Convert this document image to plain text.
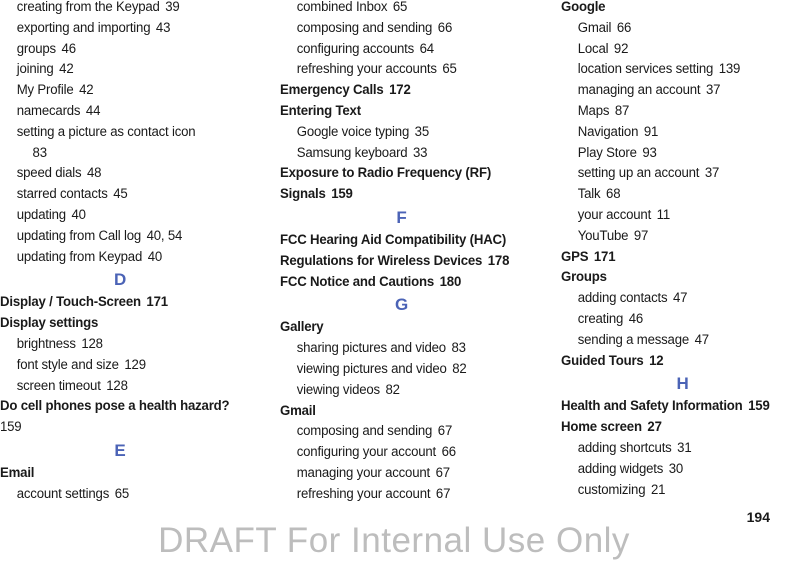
creating from the Keypad 39
exporting and importing 43
groups 46
joining 42
My Profile 42
namecards 44
setting a picture as contact icon
83
speed dials 48
starred contacts 45
updating 40
updating from Call log 40, 54
updating from Keypad 40
D
Display / Touch-Screen 171
Display settings
brightness 128
font style and size 129
screen timeout 128
Do cell phones pose a health hazard?
159
E
Email
account settings 65
combined Inbox 65
composing and sending 66
configuring accounts 64
refreshing your accounts 65
Emergency Calls 172
Entering Text
Google voice typing 35
Samsung keyboard 33
Exposure to Radio Frequency (RF)
Signals 159
F
FCC Hearing Aid Compatibility (HAC)
Regulations for Wireless Devices 178
FCC Notice and Cautions 180
G
Gallery
sharing pictures and video 83
viewing pictures and video 82
viewing videos 82
Gmail
composing and sending 67
configuring your account 66
managing your account 67
refreshing your account 67
Google
Gmail 66
Local 92
location services setting 139
managing an account 37
Maps 87
Navigation 91
Play Store 93
setting up an account 37
Talk 68
your account 11
YouTube 97
GPS 171
Groups
adding contacts 47
creating 46
sending a message 47
Guided Tours 12
H
Health and Safety Information 159
Home screen 27
adding shortcuts 31
adding widgets 30
customizing 21
194
DRAFT For Internal Use Only
